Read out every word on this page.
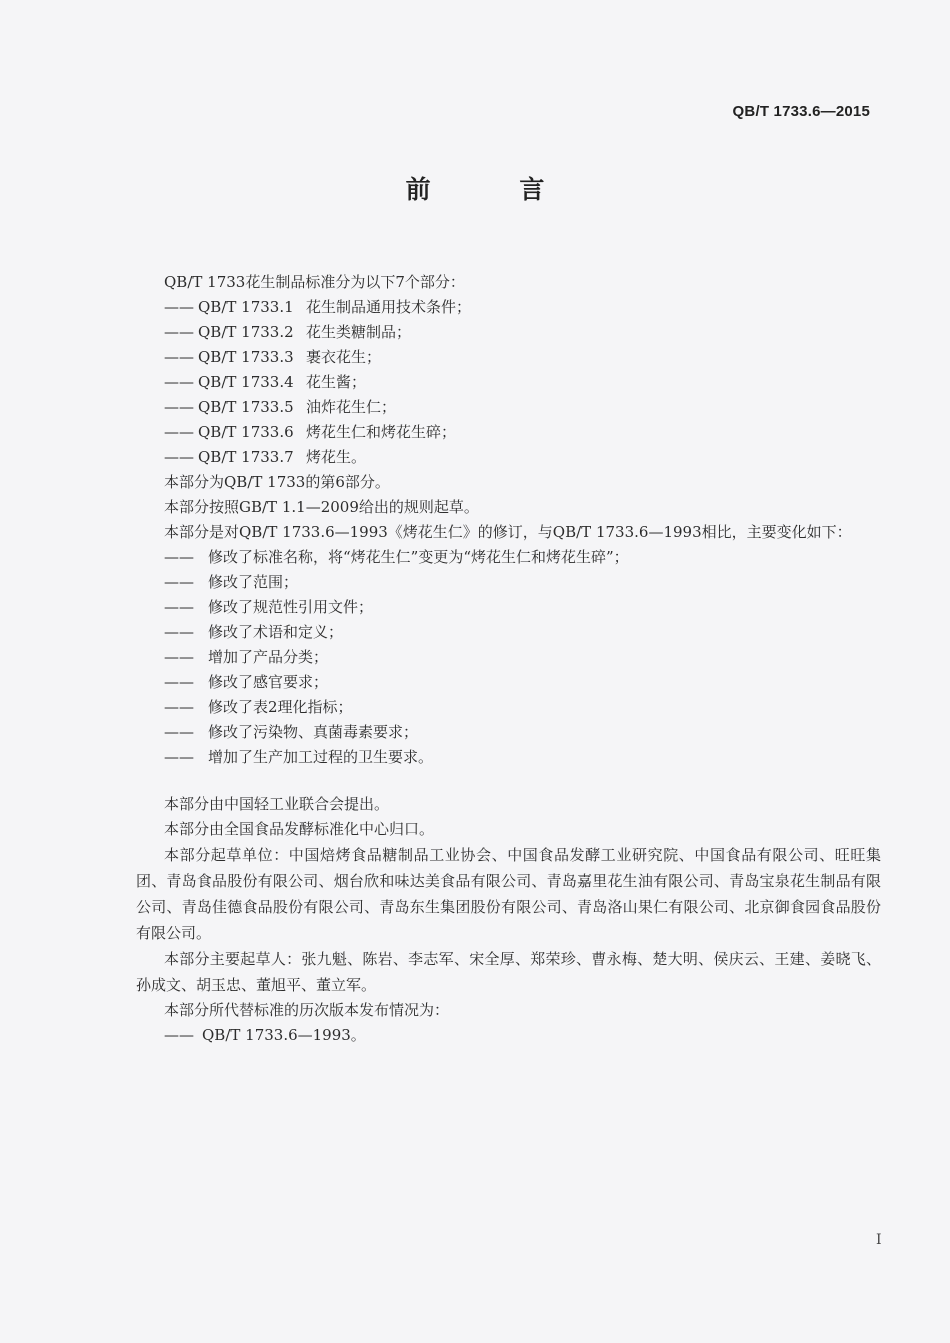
QB/T 1733.6—2015
前 言
QB/T 1733花生制品标准分为以下7个部分：
—— QB/T 1733.1 花生制品通用技术条件；
—— QB/T 1733.2 花生类糖制品；
—— QB/T 1733.3 裹衣花生；
—— QB/T 1733.4 花生酱；
—— QB/T 1733.5 油炸花生仁；
—— QB/T 1733.6 烤花生仁和烤花生碎；
—— QB/T 1733.7 烤花生。
本部分为QB/T 1733的第6部分。
本部分按照GB/T 1.1—2009给出的规则起草。
本部分是对QB/T 1733.6—1993《烤花生仁》的修订，与QB/T 1733.6—1993相比，主要变化如下：
—— 修改了标准名称，将“烤花生仁”变更为“烤花生仁和烤花生碎”；
—— 修改了范围；
—— 修改了规范性引用文件；
—— 修改了术语和定义；
—— 增加了产品分类；
—— 修改了感官要求；
—— 修改了表2理化指标；
—— 修改了污染物、真菌毒素要求；
—— 增加了生产加工过程的卫生要求。
本部分由中国轻工业联合会提出。
本部分由全国食品发酵标准化中心归口。
本部分起草单位：中国焙烤食品糖制品工业协会、中国食品发酵工业研究院、中国食品有限公司、旺旺集团、青岛食品股份有限公司、烟台欣和味达美食品有限公司、青岛嘉里花生油有限公司、青岛宝泉花生制品有限公司、青岛佳德食品股份有限公司、青岛东生集团股份有限公司、青岛洛山果仁有限公司、北京御食园食品股份有限公司。
本部分主要起草人：张九魁、陈岩、李志军、宋全厚、郑荣珍、曹永梅、楚大明、侯庆云、王建、姜晓飞、孙成文、胡玉忠、董旭平、董立军。
本部分所代替标准的历次版本发布情况为：
—— QB/T 1733.6—1993。
I
